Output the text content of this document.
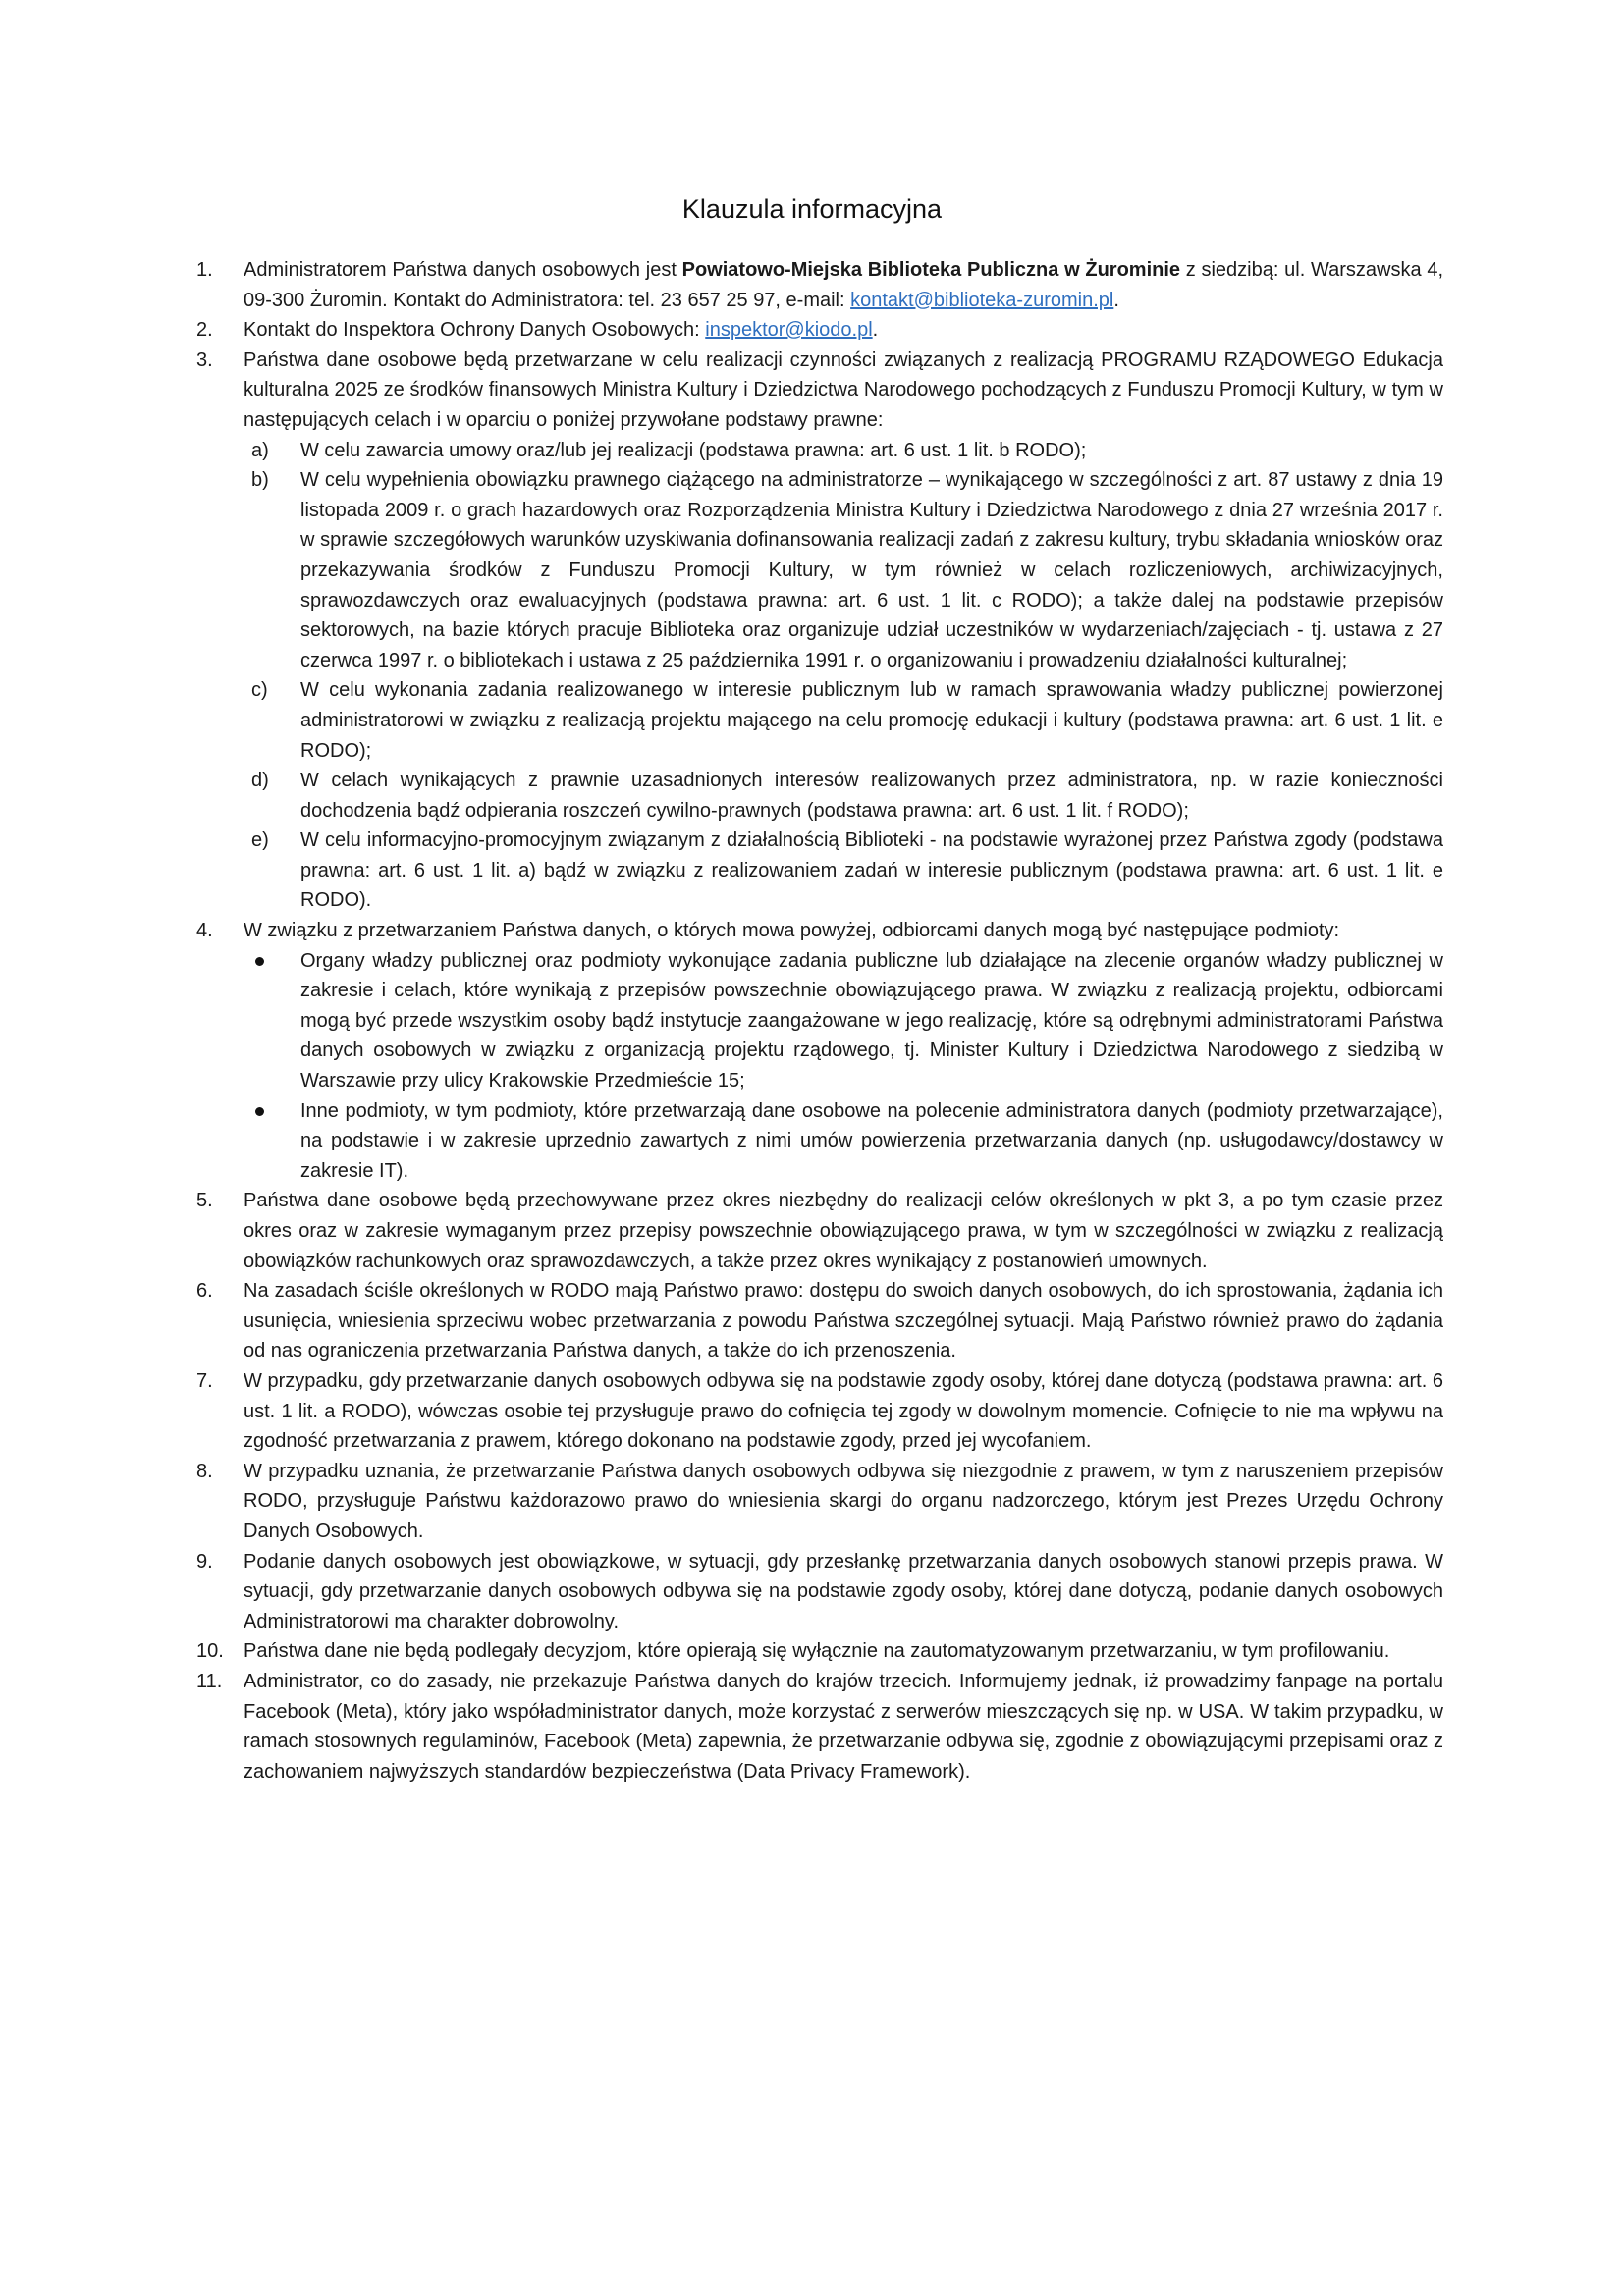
Klauzula informacyjna
1.	Administratorem Państwa danych osobowych jest Powiatowo-Miejska Biblioteka Publiczna w Żurominie z siedzibą: ul. Warszawska 4, 09-300 Żuromin. Kontakt do Administratora: tel. 23 657 25 97, e-mail: kontakt@biblioteka-zuromin.pl.
2.	Kontakt do Inspektora Ochrony Danych Osobowych: inspektor@kiodo.pl.
3.	Państwa dane osobowe będą przetwarzane w celu realizacji czynności związanych z realizacją PROGRAMU RZĄDOWEGO Edukacja kulturalna 2025 ze środków finansowych Ministra Kultury i Dziedzictwa Narodowego pochodzących z Funduszu Promocji Kultury, w tym w następujących celach i w oparciu o poniżej przywołane podstawy prawne:
a)	W celu zawarcia umowy oraz/lub jej realizacji (podstawa prawna: art. 6 ust. 1 lit. b RODO);
b)	W celu wypełnienia obowiązku prawnego ciążącego na administratorze – wynikającego w szczególności z art. 87 ustawy z dnia 19 listopada 2009 r. o grach hazardowych oraz Rozporządzenia Ministra Kultury i Dziedzictwa Narodowego z dnia 27 września 2017 r. w sprawie szczegółowych warunków uzyskiwania dofinansowania realizacji zadań z zakresu kultury, trybu składania wniosków oraz przekazywania środków z Funduszu Promocji Kultury, w tym również w celach rozliczeniowych, archiwizacyjnych, sprawozdawczych oraz ewaluacyjnych (podstawa prawna: art. 6 ust. 1 lit. c RODO); a także dalej na podstawie przepisów sektorowych, na bazie których pracuje Biblioteka oraz organizuje udział uczestników w wydarzeniach/zajęciach - tj. ustawa z 27 czerwca 1997 r. o bibliotekach i ustawa z 25 października 1991 r. o organizowaniu i prowadzeniu działalności kulturalnej;
c)	W celu wykonania zadania realizowanego w interesie publicznym lub w ramach sprawowania władzy publicznej powierzonej administratorowi w związku z realizacją projektu mającego na celu promocję edukacji i kultury (podstawa prawna: art. 6 ust. 1 lit. e RODO);
d)	W celach wynikających z prawnie uzasadnionych interesów realizowanych przez administratora, np. w razie konieczności dochodzenia bądź odpierania roszczeń cywilno-prawnych (podstawa prawna: art. 6 ust. 1 lit. f RODO);
e)	W celu informacyjno-promocyjnym związanym z działalnością Biblioteki - na podstawie wyrażonej przez Państwa zgody (podstawa prawna: art. 6 ust. 1 lit. a) bądź w związku z realizowaniem zadań w interesie publicznym (podstawa prawna: art. 6 ust. 1 lit. e RODO).
4.	W związku z przetwarzaniem Państwa danych, o których mowa powyżej, odbiorcami danych mogą być następujące podmioty:
Organy władzy publicznej oraz podmioty wykonujące zadania publiczne lub działające na zlecenie organów władzy publicznej w zakresie i celach, które wynikają z przepisów powszechnie obowiązującego prawa. W związku z realizacją projektu, odbiorcami mogą być przede wszystkim osoby bądź instytucje zaangażowane w jego realizację, które są odrębnymi administratorami Państwa danych osobowych w związku z organizacją projektu rządowego, tj. Minister Kultury i Dziedzictwa Narodowego z siedzibą w Warszawie przy ulicy Krakowskie Przedmieście 15;
Inne podmioty, w tym podmioty, które przetwarzają dane osobowe na polecenie administratora danych (podmioty przetwarzające), na podstawie i w zakresie uprzednio zawartych z nimi umów powierzenia przetwarzania danych (np. usługodawcy/dostawcy w zakresie IT).
5.	Państwa dane osobowe będą przechowywane przez okres niezbędny do realizacji celów określonych w pkt 3, a po tym czasie przez okres oraz w zakresie wymaganym przez przepisy powszechnie obowiązującego prawa, w tym w szczególności w związku z realizacją obowiązków rachunkowych oraz sprawozdawczych, a także przez okres wynikający z postanowień umownych.
6.	Na zasadach ściśle określonych w RODO mają Państwo prawo: dostępu do swoich danych osobowych, do ich sprostowania, żądania ich usunięcia, wniesienia sprzeciwu wobec przetwarzania z powodu Państwa szczególnej sytuacji. Mają Państwo również prawo do żądania od nas ograniczenia przetwarzania Państwa danych, a także do ich przenoszenia.
7.	W przypadku, gdy przetwarzanie danych osobowych odbywa się na podstawie zgody osoby, której dane dotyczą (podstawa prawna: art. 6 ust. 1 lit. a RODO), wówczas osobie tej przysługuje prawo do cofnięcia tej zgody w dowolnym momencie. Cofnięcie to nie ma wpływu na zgodność przetwarzania z prawem, którego dokonano na podstawie zgody, przed jej wycofaniem.
8.	W przypadku uznania, że przetwarzanie Państwa danych osobowych odbywa się niezgodnie z prawem, w tym z naruszeniem przepisów RODO, przysługuje Państwu każdorazowo prawo do wniesienia skargi do organu nadzorczego, którym jest Prezes Urzędu Ochrony Danych Osobowych.
9.	Podanie danych osobowych jest obowiązkowe, w sytuacji, gdy przesłankę przetwarzania danych osobowych stanowi przepis prawa. W sytuacji, gdy przetwarzanie danych osobowych odbywa się na podstawie zgody osoby, której dane dotyczą, podanie danych osobowych Administratorowi ma charakter dobrowolny.
10.	Państwa dane nie będą podlegały decyzjom, które opierają się wyłącznie na zautomatyzowanym przetwarzaniu, w tym profilowaniu.
11.	Administrator, co do zasady, nie przekazuje Państwa danych do krajów trzecich. Informujemy jednak, iż prowadzimy fanpage na portalu Facebook (Meta), który jako współadministrator danych, może korzystać z serwerów mieszczących się np. w USA. W takim przypadku, w ramach stosownych regulaminów, Facebook (Meta) zapewnia, że przetwarzanie odbywa się, zgodnie z obowiązującymi przepisami oraz z zachowaniem najwyższych standardów bezpieczeństwa (Data Privacy Framework).
